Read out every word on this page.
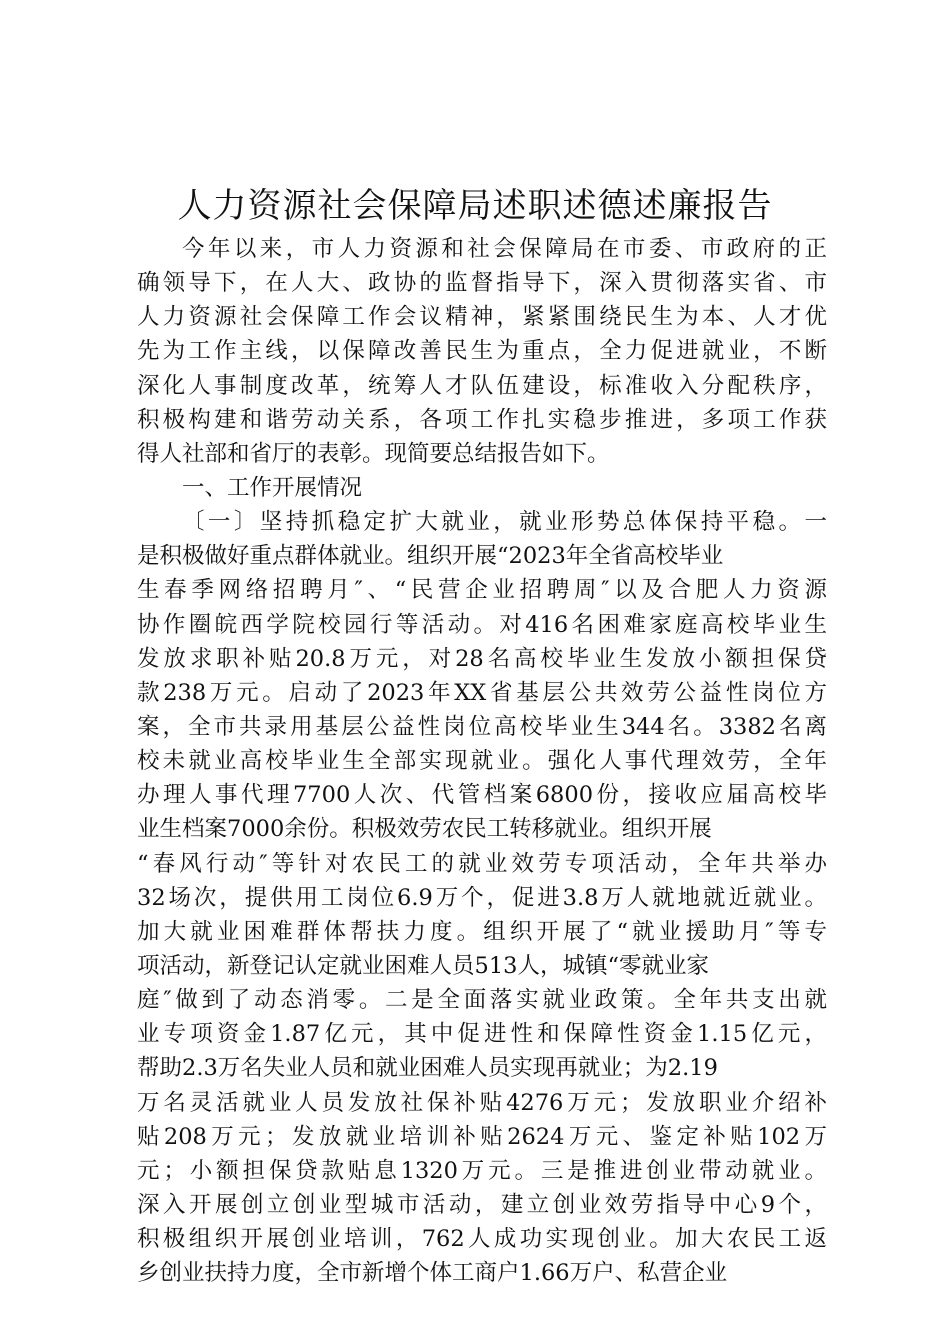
人力资源社会保障局述职述德述廉报告
今年以来，市人力资源和社会保障局在市委、市政府的正
确领导下，在人大、政协的监督指导下，深入贯彻落实省、市
人力资源社会保障工作会议精神，紧紧围绕民生为本、人才优
先为工作主线，以保障改善民生为重点，全力促进就业，不断
深化人事制度改革，统筹人才队伍建设，标准收入分配秩序，
积极构建和谐劳动关系，各项工作扎实稳步推进，多项工作获
得人社部和省厅的表彰。现简要总结报告如下。
一、工作开展情况
〔一〕坚持抓稳定扩大就业，就业形势总体保持平稳。一
是积极做好重点群体就业。组织开展“2023年全省高校毕业
生春季网络招聘月″、“民营企业招聘周″以及合肥人力资源
协作圈皖西学院校园行等活动。对416名困难家庭高校毕业生
发放求职补贴20.8万元，对28名高校毕业生发放小额担保贷
款238万元。启动了2023年XX省基层公共效劳公益性岗位方
案，全市共录用基层公益性岗位高校毕业生344名。3382名离
校未就业高校毕业生全部实现就业。强化人事代理效劳，全年
办理人事代理7700人次、代管档案6800份，接收应届高校毕
业生档案7000余份。积极效劳农民工转移就业。组织开展
“春风行动″等针对农民工的就业效劳专项活动，全年共举办
32场次，提供用工岗位6.9万个，促进3.8万人就地就近就业。
加大就业困难群体帮扶力度。组织开展了“就业援助月″等专
项活动，新登记认定就业困难人员513人，城镇“零就业家
庭″做到了动态消零。二是全面落实就业政策。全年共支出就
业专项资金1.87亿元，其中促进性和保障性资金1.15亿元，
帮助2.3万名失业人员和就业困难人员实现再就业；为2.19
万名灵活就业人员发放社保补贴4276万元；发放职业介绍补
贴208万元；发放就业培训补贴2624万元、鉴定补贴102万
元；小额担保贷款贴息1320万元。三是推进创业带动就业。
深入开展创立创业型城市活动，建立创业效劳指导中心9个，
积极组织开展创业培训，762人成功实现创业。加大农民工返
乡创业扶持力度，全市新增个体工商户1.66万户、私营企业
